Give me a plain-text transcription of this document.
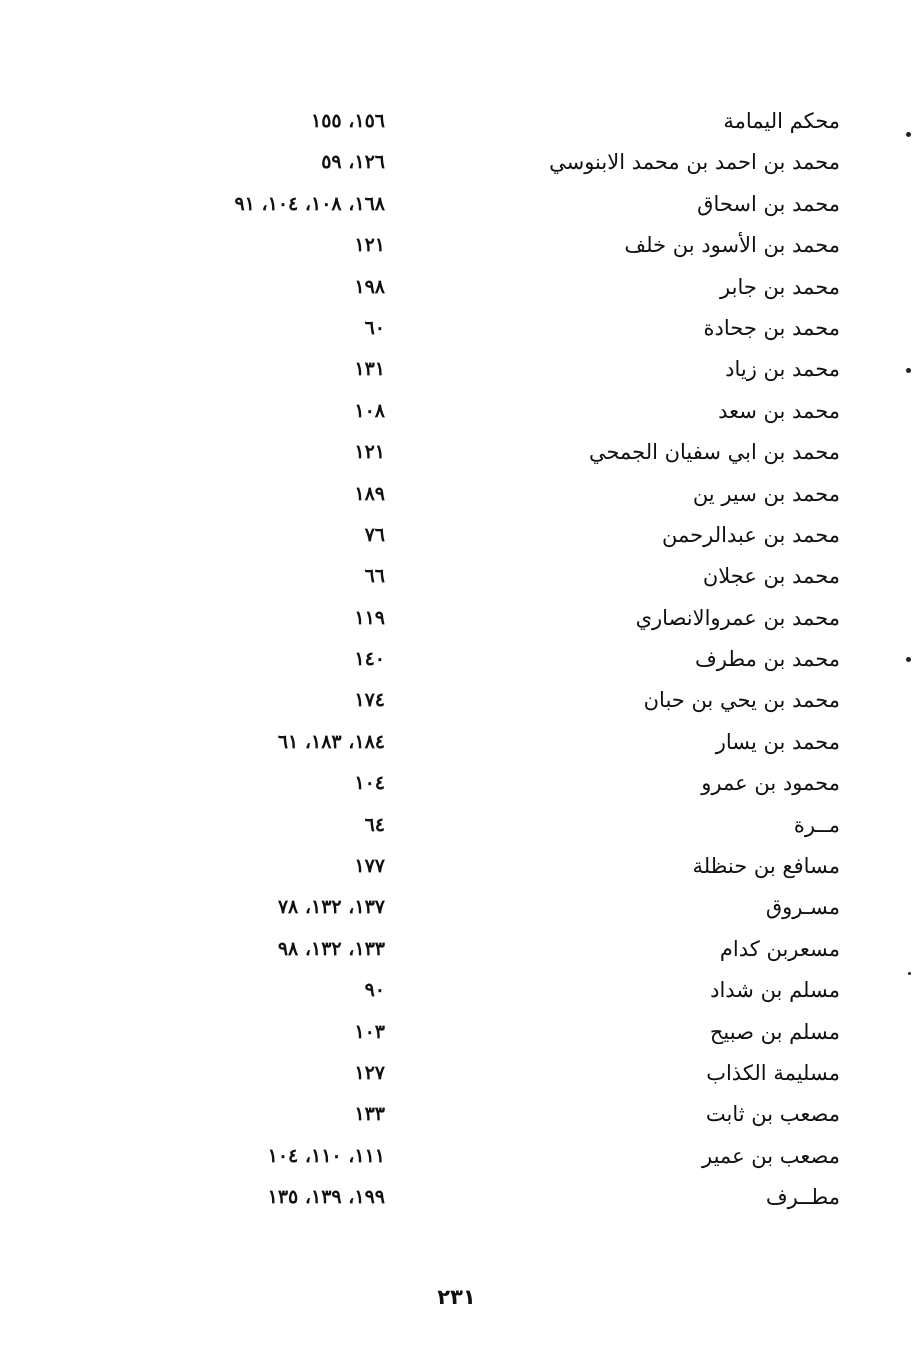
محكم اليمامة
١٥٦، ١٥٥
محمد بن احمد بن محمد الابنوسي
١٢٦، ٥٩
محمد بن اسحاق
١٦٨، ١٠٨، ١٠٤، ٩١
محمد بن الأسود بن خلف
١٢١
محمد بن جابر
١٩٨
محمد بن جحادة
٦٠
محمد بن زياد
١٣١
محمد بن سعد
١٠٨
محمد بن ابي سفيان الجمحي
١٢١
محمد بن سير ين
١٨٩
محمد بن عبدالرحمن
٧٦
محمد بن عجلان
٦٦
محمد بن عمروالانصاري
١١٩
محمد بن مطرف
١٤٠
محمد بن يحي بن حبان
١٧٤
محمد بن يسار
١٨٤، ١٨٣، ٦١
محمود بن عمرو
١٠٤
مــرة
٦٤
مسافع بن حنظلة
١٧٧
مسـروق
١٣٧، ١٣٢، ٧٨
مسعربن كدام
١٣٣، ١٣٢، ٩٨
مسلم بن شداد
٩٠
مسلم بن صبيح
١٠٣
مسليمة الكذاب
١٢٧
مصعب بن ثابت
١٣٣
مصعب بن عمير
١١١، ١١٠، ١٠٤
مطــرف
١٩٩، ١٣٩، ١٣٥
٢٣١
